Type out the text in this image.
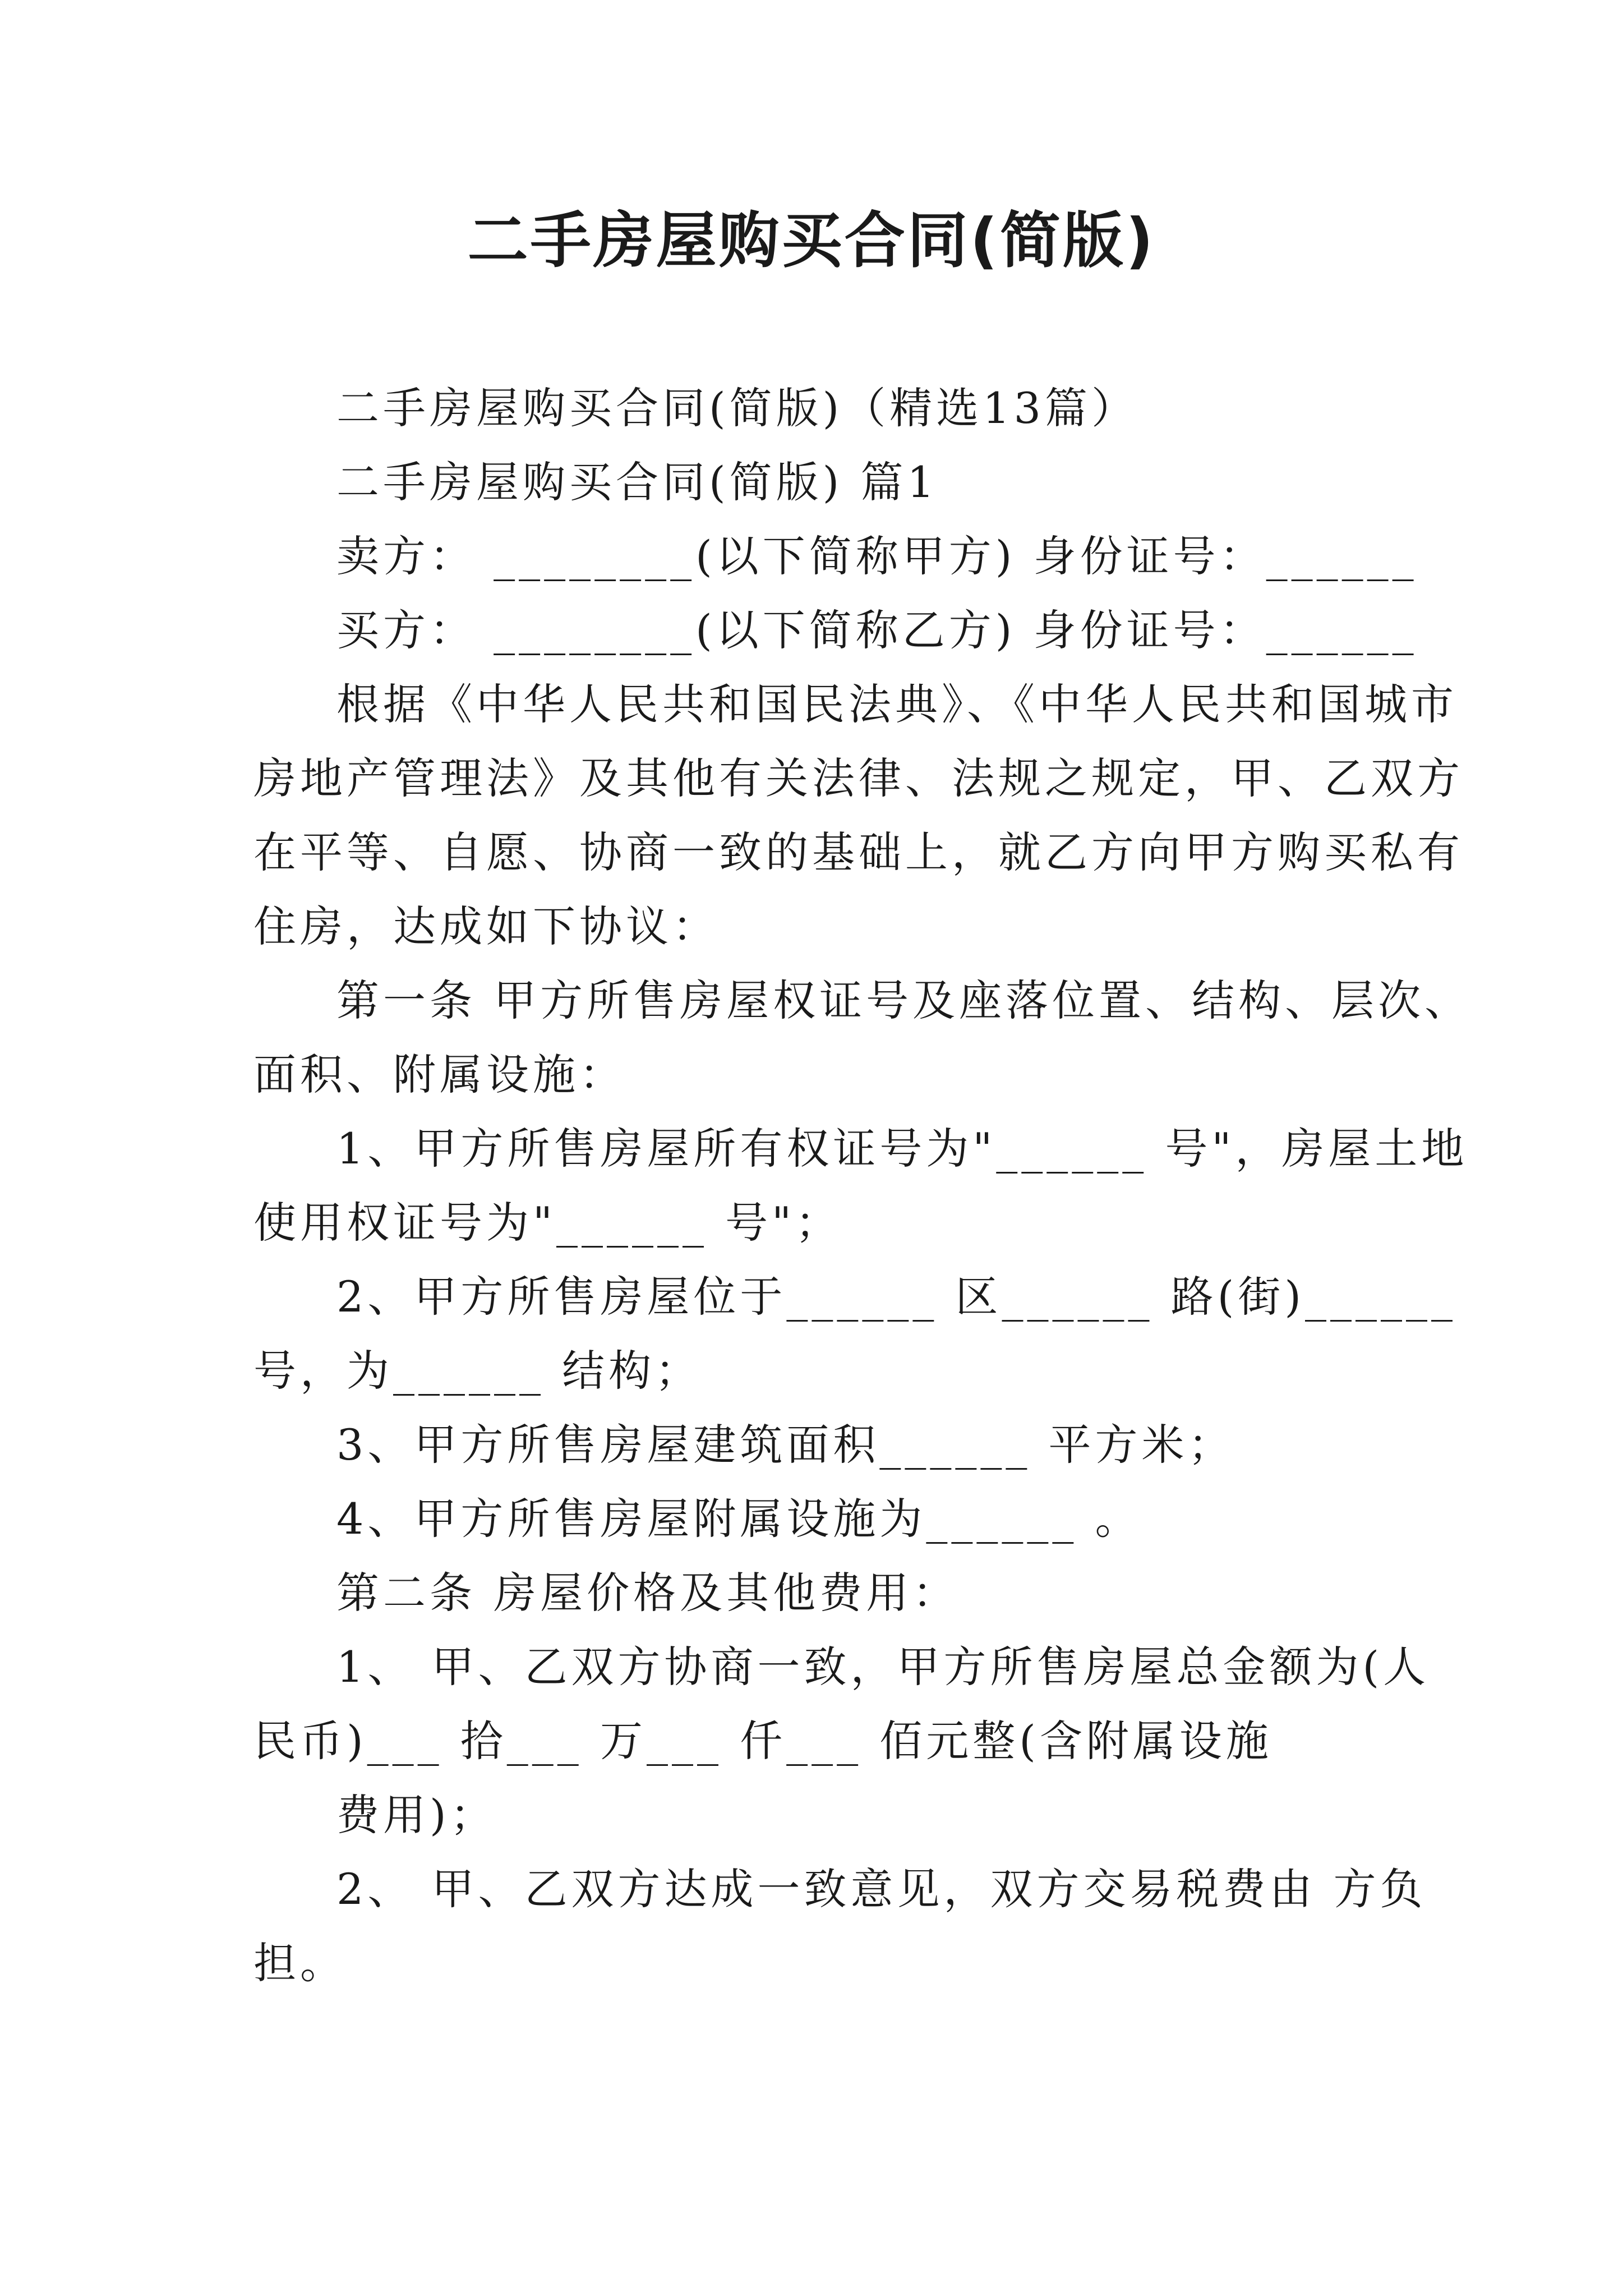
二手房屋购买合同(简版)
二手房屋购买合同(简版)（精选13篇）
二手房屋购买合同(简版) 篇1
卖方： ________(以下简称甲方) 身份证号：______
买方： ________(以下简称乙方) 身份证号：______
根据《中华人民共和国民法典》、《中华人民共和国城市
房地产管理法》及其他有关法律、法规之规定，甲、乙双方
在平等、自愿、协商一致的基础上，就乙方向甲方购买私有
住房，达成如下协议：
第一条 甲方所售房屋权证号及座落位置、结构、层次、
面积、附属设施：
1、甲方所售房屋所有权证号为"______ 号"，房屋土地
使用权证号为"______ 号"；
2、甲方所售房屋位于______ 区______ 路(街)______
号，为______ 结构；
3、甲方所售房屋建筑面积______ 平方米；
4、甲方所售房屋附属设施为______ 。
第二条 房屋价格及其他费用：
1、 甲、乙双方协商一致，甲方所售房屋总金额为(人
民币)___ 拾___ 万___ 仟___ 佰元整(含附属设施
费用)；
2、 甲、乙双方达成一致意见，双方交易税费由 方负
担。
